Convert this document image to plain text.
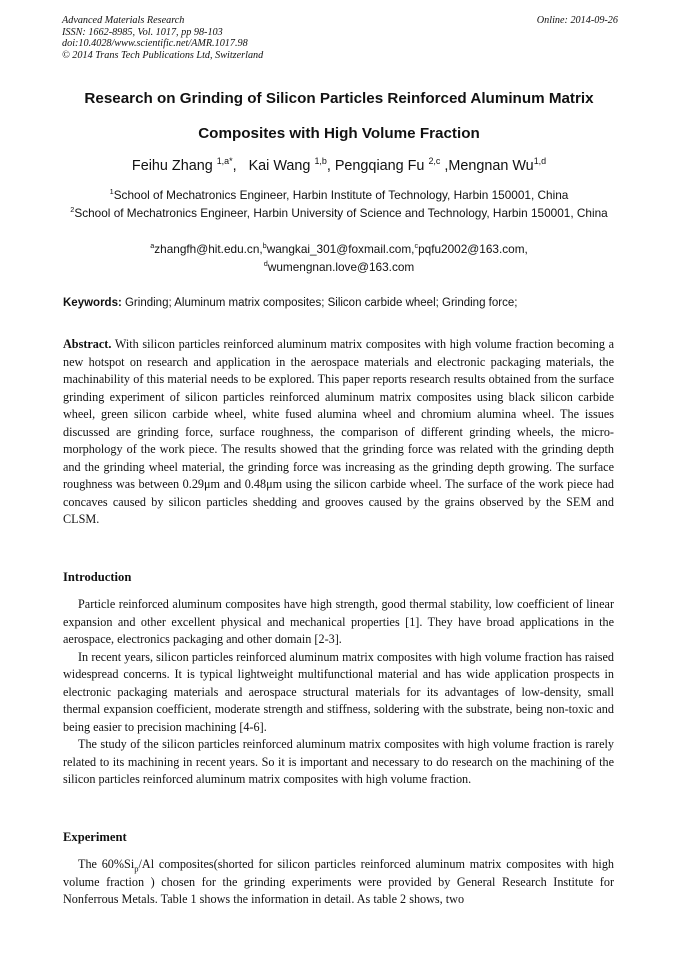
Advanced Materials Research
ISSN: 1662-8985, Vol. 1017, pp 98-103
doi:10.4028/www.scientific.net/AMR.1017.98
© 2014 Trans Tech Publications Ltd, Switzerland
Online: 2014-09-26
Research on Grinding of Silicon Particles Reinforced Aluminum Matrix
Composites with High Volume Fraction
Feihu Zhang $^{1,a*}$, Kai Wang $^{1,b}$, Pengqiang Fu $^{2,c}$ ,Mengnan Wu$^{1,d}$
$^1$School of Mechatronics Engineer, Harbin Institute of Technology, Harbin 150001, China
$^2$School of Mechatronics Engineer, Harbin University of Science and Technology, Harbin 150001, China
$^a$zhangfh@hit.edu.cn,$^b$wangkai_301@foxmail.com,$^c$pqfu2002@163.com,
$^d$wumengnan.love@163.com
Keywords: Grinding; Aluminum matrix composites; Silicon carbide wheel; Grinding force;
Abstract. With silicon particles reinforced aluminum matrix composites with high volume fraction becoming a new hotspot on research and application in the aerospace materials and electronic packaging materials, the machinability of this material needs to be explored. This paper reports research results obtained from the surface grinding experiment of silicon particles reinforced aluminum matrix composites using black silicon carbide wheel, green silicon carbide wheel, white fused alumina wheel and chromium alumina wheel. The issues discussed are grinding force, surface roughness, the comparison of different grinding wheels, the micro-morphology of the work piece. The results showed that the grinding force was related with the grinding depth and the grinding wheel material, the grinding force was increasing as the grinding depth growing. The surface roughness was between 0.29μm and 0.48μm using the silicon carbide wheel. The surface of the work piece had concaves caused by silicon particles shedding and grooves caused by the grains observed by the SEM and CLSM.
Introduction

Particle reinforced aluminum composites have high strength, good thermal stability, low coefficient of linear expansion and other excellent physical and mechanical properties [1]. They have broad applications in the aerospace, electronics packaging and other domain [2-3].

In recent years, silicon particles reinforced aluminum matrix composites with high volume fraction has raised widespread concerns. It is typical lightweight multifunctional material and has wide application prospects in electronic packaging materials and aerospace structural materials for its advantages of low-density, small thermal expansion coefficient, moderate strength and stiffness, soldering with the substrate, being non-toxic and being easier to precision machining [4-6].

The study of the silicon particles reinforced aluminum matrix composites with high volume fraction is rarely related to its machining in recent years. So it is important and necessary to do research on the machining of the silicon particles reinforced aluminum matrix composites with high volume fraction.

Experiment
The $60\%Si_p/Al$ composites(shorted for silicon particles reinforced aluminum matrix composites with high volume fraction ) chosen for the grinding experiments were provided by General Research Institute for Nonferrous Metals. Table 1 shows the information in detail. As table 2 shows, two
